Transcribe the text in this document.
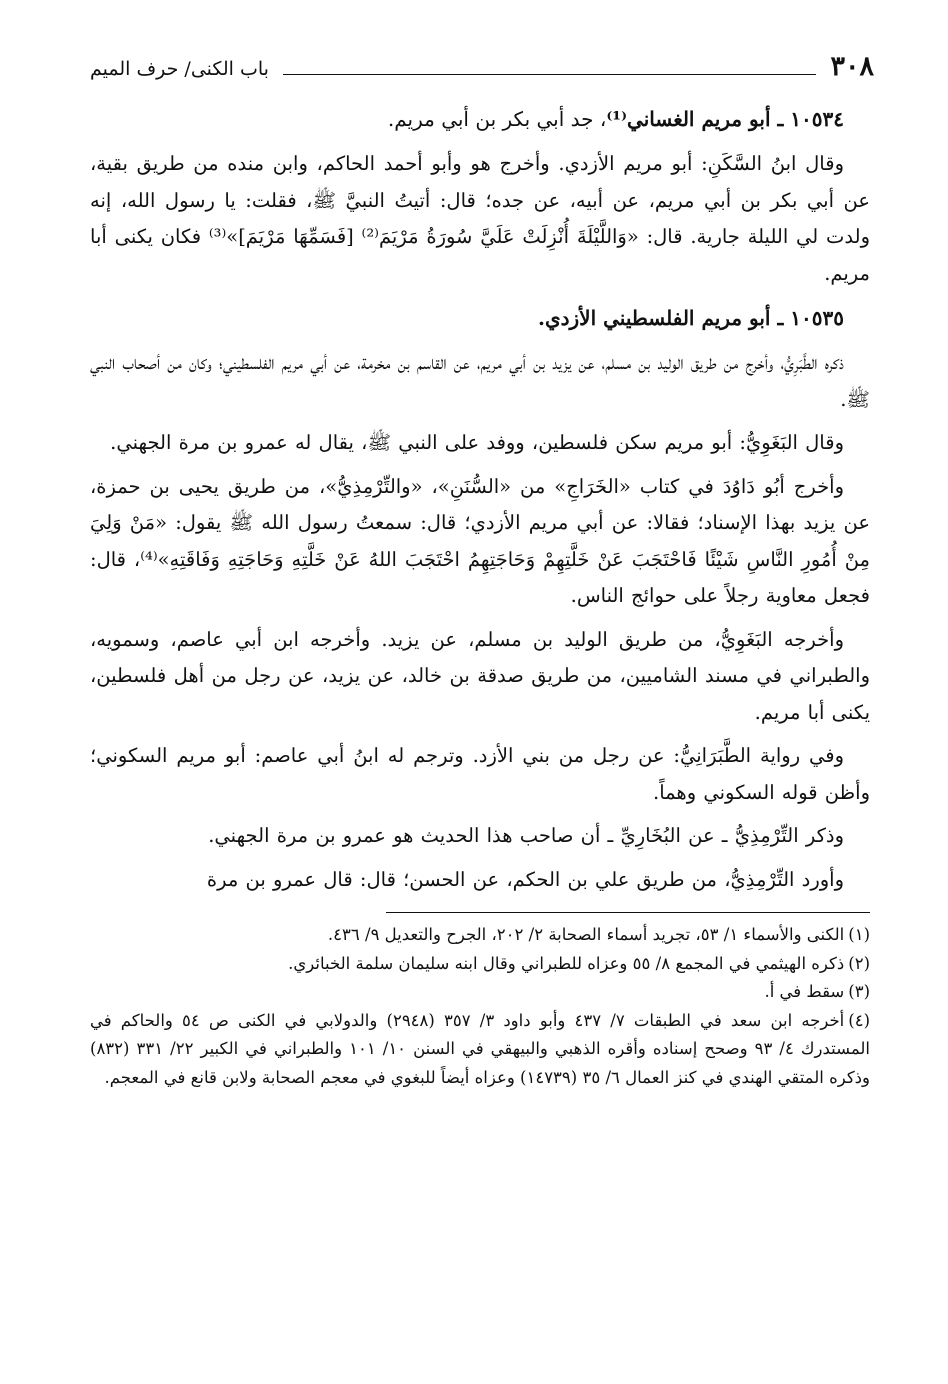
٣٠٨
باب الكنى/ حرف الميم

١٠٥٣٤ ـ أبو مريم الغساني⁽¹⁾، جد أبي بكر بن أبي مريم.

وقال ابنُ السَّكَنِ: أبو مريم الأزدي. وأخرج هو وأبو أحمد الحاكم، وابن منده من طريق بقية، عن أبي بكر بن أبي مريم، عن أبيه، عن جده؛ قال: أتيتُ النبيَّ ﷺ، فقلت: يا رسول الله، إنه ولدت لي الليلة جارية. قال: «وَاللَّيْلَةَ أُنْزِلَتْ عَلَيَّ سُورَةُ مَرْيَمَ⁽²⁾ [فَسَمِّهَا مَرْيَمَ]»⁽³⁾ فكان يكنى أبا مريم.

١٠٥٣٥ ـ أبو مريم الفلسطيني الأزدي.

ذكره الطَّبَرِيُّ، وأخرج من طريق الوليد بن مسلم، عن يزيد بن أبي مريم، عن القاسم بن مخرمة، عن أبي مريم الفلسطيني؛ وكان من أصحاب النبي ﷺ.

وقال البَغَوِيُّ: أبو مريم سكن فلسطين، ووفد على النبي ﷺ، يقال له عمرو بن مرة الجهني.

وأخرج أبُو دَاوُدَ في كتاب «الخَرَاجِ» من «السُّنَنِ»، «والتِّرْمِذِيُّ»، من طريق يحيى بن حمزة، عن يزيد بهذا الإسناد؛ فقالا: عن أبي مريم الأزدي؛ قال: سمعتُ رسول الله ﷺ يقول: «مَنْ وَلِيَ مِنْ أُمُورِ النَّاسِ شَيْئًا فَاحْتَجَبَ عَنْ خَلَّتِهِمْ وَحَاجَتِهِمُ احْتَجَبَ اللهُ عَنْ خَلَّتِهِ وَحَاجَتِهِ وَفَاقَتِهِ»⁽⁴⁾، قال: فجعل معاوية رجلاً على حوائج الناس.

وأخرجه البَغَوِيُّ، من طريق الوليد بن مسلم، عن يزيد. وأخرجه ابن أبي عاصم، وسمويه، والطبراني في مسند الشاميين، من طريق صدقة بن خالد، عن يزيد، عن رجل من أهل فلسطين، يكنى أبا مريم.

وفي رواية الطَّبَرَانِيُّ: عن رجل من بني الأزد. وترجم له ابنُ أبي عاصم: أبو مريم السكوني؛ وأظن قوله السكوني وهماً.

وذكر التِّرْمِذِيُّ ـ عن البُخَارِيِّ ـ أن صاحب هذا الحديث هو عمرو بن مرة الجهني.

وأورد التِّرْمِذِيُّ، من طريق علي بن الحكم، عن الحسن؛ قال: قال عمرو بن مرة

(١)الكنى والأسماء ١/ ٥٣، تجريد أسماء الصحابة ٢/ ٢٠٢، الجرح والتعديل ٩/ ٤٣٦.

(٢)ذكره الهيثمي في المجمع ٨/ ٥٥ وعزاه للطبراني وقال ابنه سليمان سلمة الخبائري.

(٣)سقط في أ.

(٤)أخرجه ابن سعد في الطبقات ٧/ ٤٣٧ وأبو داود ٣/ ٣٥٧ (٢٩٤٨) والدولابي في الكنى ص ٥٤ والحاكم في المستدرك ٤/ ٩٣ وصحح إسناده وأقره الذهبي والبيهقي في السنن ١٠/ ١٠١ والطبراني في الكبير ٢٢/ ٣٣١ (٨٣٢) وذكره المتقي الهندي في كنز العمال ٦/ ٣٥ (١٤٧٣٩) وعزاه أيضاً للبغوي في معجم الصحابة ولابن قانع في المعجم.
